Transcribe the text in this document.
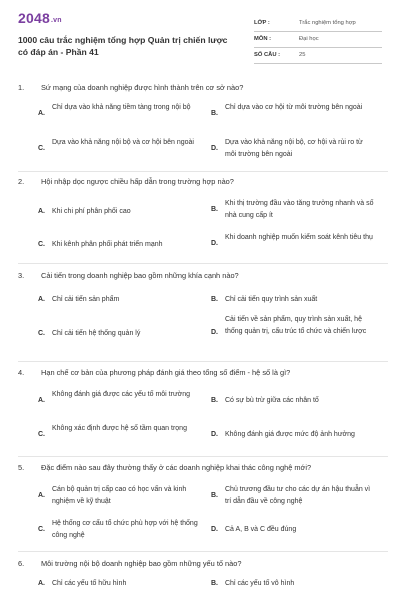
2048.vn
1000 câu trắc nghiệm tổng hợp Quản trị chiến lược có đáp án - Phần 41
LỚP :	Trắc nghiệm tổng hợp
MÔN :	Đại học
SỐ CÂU :	25
1. Sứ mạng của doanh nghiệp được hình thành trên cơ sở nào?
A.
Chỉ dựa vào khả năng tiềm tàng trong nội bộ
B.
Chỉ dựa vào cơ hội từ môi trường bên ngoài
C.
Dựa vào khả năng nội bộ và cơ hội bên ngoài
D.
Dựa vào khả năng nội bộ, cơ hội và rủi ro từ môi trường bên ngoài
2. Hội nhập dọc ngược chiều hấp dẫn trong trường hợp nào?
A. Khi chi phí phân phối cao	B.
Khi thị trường đầu vào tăng trưởng nhanh và số nhà cung cấp ít
C. Khi kênh phân phối phát triển mạnh	D.
Khi doanh nghiệp muốn kiểm soát kênh tiêu thụ
3. Cải tiến trong doanh nghiệp bao gồm những khía cạnh nào?
A. Chỉ cải tiến sản phẩm	B. Chỉ cải tiến quy trình sản xuất
C. Chỉ cải tiến hệ thống quản lý	D.
Cải tiến về sản phẩm, quy trình sản xuất, hệ thống quản trị, cấu trúc tổ chức và chiến lược
4. Hạn chế cơ bản của phương pháp đánh giá theo tổng số điểm - hệ số là gì?
A.
Không đánh giá được các yếu tố môi trường
B. Có sự bù trừ giữa các nhân tố
C.
Không xác định được hệ số tầm quan trọng
D. Không đánh giá được mức độ ảnh hưởng
5. Đặc điểm nào sau đây thường thấy ở các doanh nghiệp khai thác công nghệ mới?
A.
Cán bộ quản trị cấp cao có học vấn và kinh nghiệm về kỹ thuật
B.
Chủ trương đầu tư cho các dự án hậu thuẫn vì trí dẫn đầu về công nghệ
C.
Hệ thống cơ cấu tổ chức phù hợp với hệ thống công nghệ
D. Cả A, B và C đều đúng
6. Môi trường nội bộ doanh nghiệp bao gồm những yếu tố nào?
A. Chỉ các yếu tố hữu hình	B. Chỉ các yếu tố vô hình
